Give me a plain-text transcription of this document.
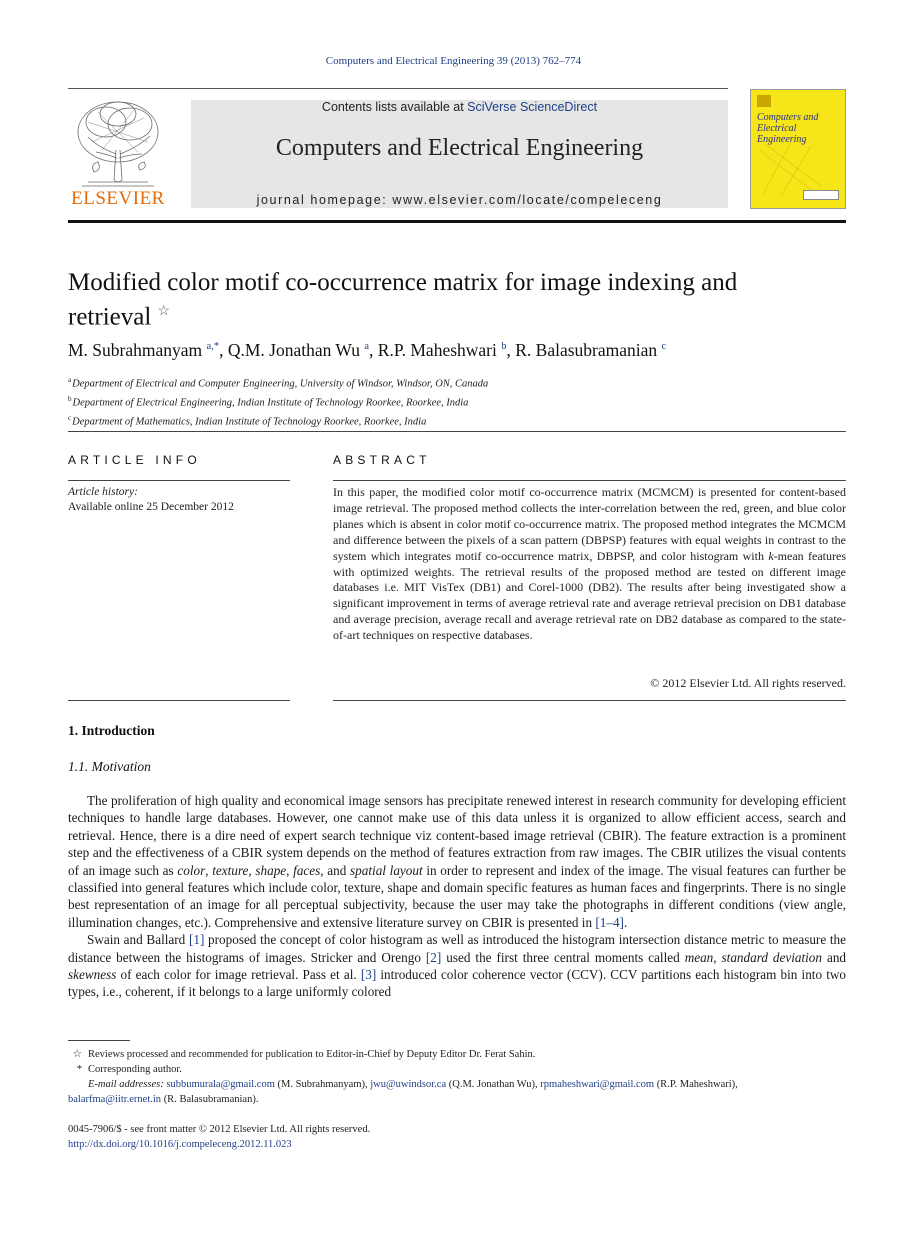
Computers and Electrical Engineering 39 (2013) 762–774
ELSEVIER
Contents lists available at SciVerse ScienceDirect
Computers and Electrical Engineering
journal homepage: www.elsevier.com/locate/compeleceng
Computers and
Electrical Engineering
Modified color motif co-occurrence matrix for image indexing and retrieval ☆
M. Subrahmanyam $^{a,*}$, Q.M. Jonathan Wu $^a$, R.P. Maheshwari $^b$, R. Balasubramanian $^c$
$^a$Department of Electrical and Computer Engineering, University of Windsor, Windsor, ON, Canada
$^b$Department of Electrical Engineering, Indian Institute of Technology Roorkee, Roorkee, India
$^c$Department of Mathematics, Indian Institute of Technology Roorkee, Roorkee, India
ARTICLE INFO
Article history:
Available online 25 December 2012
ABSTRACT
In this paper, the modified color motif co-occurrence matrix (MCMCM) is presented for content-based image retrieval. The proposed method collects the inter-correlation between the red, green, and blue color planes which is absent in color motif co-occurrence matrix. The proposed method integrates the MCMCM and difference between the pixels of a scan pattern (DBPSP) features with equal weights in contrast to the system which integrates motif co-occurrence matrix, DBPSP, and color histogram with k-mean features with optimized weights. The retrieval results of the proposed method are tested on different image databases i.e. MIT VisTex (DB1) and Corel-1000 (DB2). The results after being investigated show a significant improvement in terms of average retrieval rate and average retrieval precision on DB1 database and average precision, average recall and average retrieval rate on DB2 database as compared to the state-of-art techniques on respective databases.
© 2012 Elsevier Ltd. All rights reserved.
1. Introduction
1.1. Motivation

The proliferation of high quality and economical image sensors has precipitate renewed interest in research community for developing efficient techniques to handle large databases. However, one cannot make use of this data unless it is organized to allow efficient access, search and retrieval. Hence, there is a dire need of expert search technique viz content-based image retrieval (CBIR). The feature extraction is a prominent step and the effectiveness of a CBIR system depends on the method of features extraction from raw images. The CBIR utilizes the visual contents of an image such as color, texture, shape, faces, and spatial layout in order to represent and index of the image. The visual features can further be classified into general features which include color, texture, shape and domain specific features as human faces and fingerprints. There is no single best representation of an image for all perceptual subjectivity, because the user may take the photographs in different conditions (view angle, illumination changes, etc.). Comprehensive and extensive literature survey on CBIR is presented in [1–4].

Swain and Ballard [1] proposed the concept of color histogram as well as introduced the histogram intersection distance metric to measure the distance between the histograms of images. Stricker and Orengo [2] used the first three central moments called mean, standard deviation and skewness of each color for image retrieval. Pass et al. [3] introduced color coherence vector (CCV). CCV partitions each histogram bin into two types, i.e., coherent, if it belongs to a large uniformly colored

☆ Reviews processed and recommended for publication to Editor-in-Chief by Deputy Editor Dr. Ferat Sahin.
* Corresponding author.
E-mail addresses: subbumurala@gmail.com (M. Subrahmanyam), jwu@uwindsor.ca (Q.M. Jonathan Wu), rpmaheshwari@gmail.com (R.P. Maheshwari),
balarfma@iitr.ernet.in (R. Balasubramanian).
0045-7906/$ - see front matter © 2012 Elsevier Ltd. All rights reserved.
http://dx.doi.org/10.1016/j.compeleceng.2012.11.023
